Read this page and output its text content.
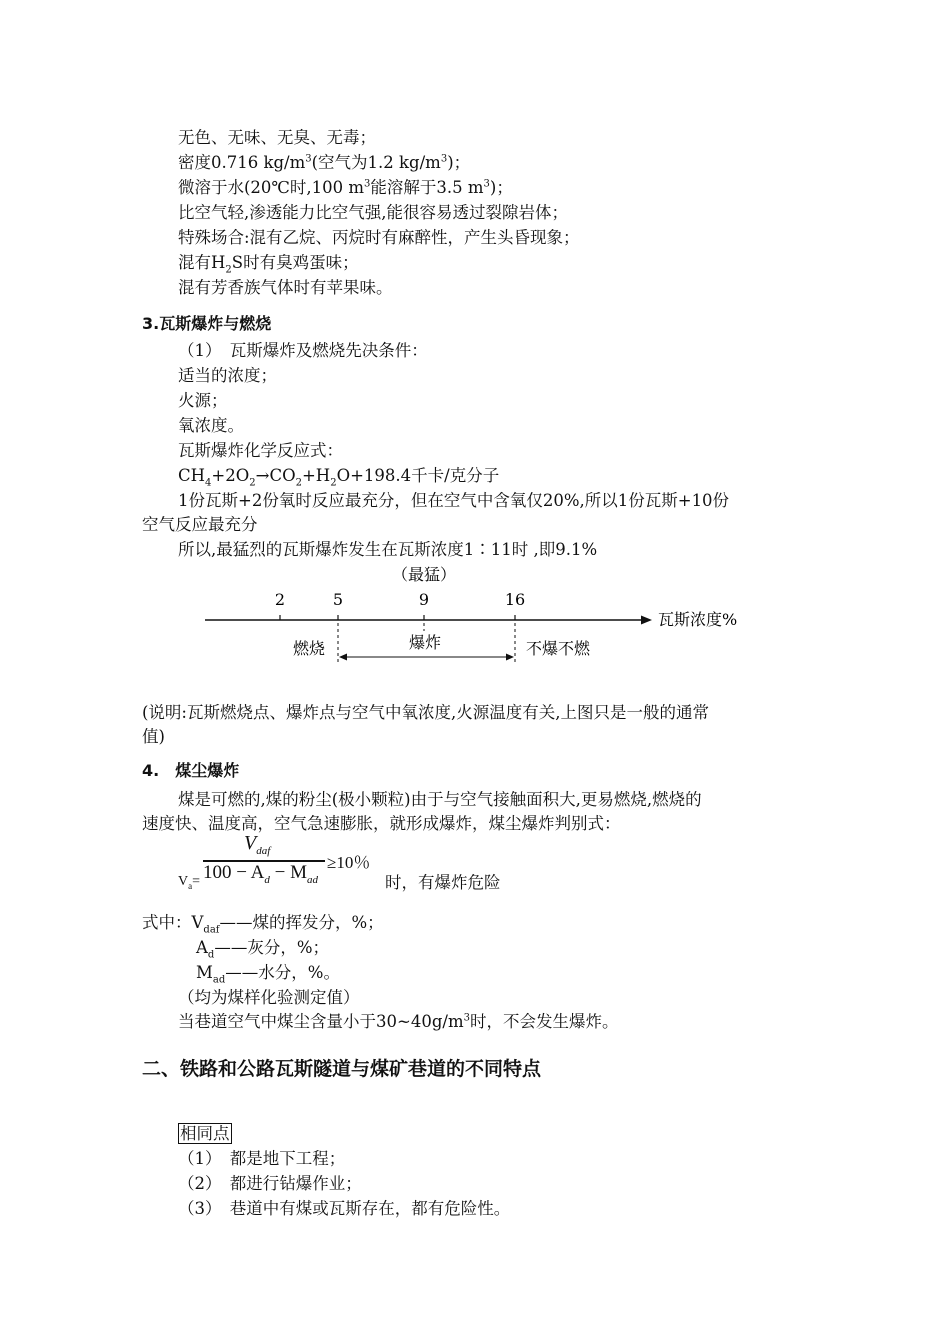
无色、无味、无臭、无毒；
密度0.716 $kg/m^3$(空气为1.2 $kg/m^3$)；
微溶于水(20℃时,100 $m^3$能溶解于3.5 $m^3$)；
比空气轻,渗透能力比空气强,能很容易透过裂隙岩体；
特殊场合:混有乙烷、丙烷时有麻醉性，产生头昏现象；
混有$H_2S$时有臭鸡蛋味；
混有芳香族气体时有苹果味。
3.瓦斯爆炸与燃烧
（1）　瓦斯爆炸及燃烧先决条件：
适当的浓度；
火源；
氧浓度。
瓦斯爆炸化学反应式：
$CH_4+2O_2\to CO_2+H_2O+198.4$千卡/克分子
1份瓦斯+2份氧时反应最充分，但在空气中含氧仅20%,所以1份瓦斯+10份
空气反应最充分
所以,最猛烈的瓦斯爆炸发生在瓦斯浓度1∶11时 ,即9.1%
（最猛）
2	5	9	16
瓦斯浓度%
燃烧	爆炸	不爆不燃
(说明:瓦斯燃烧点、爆炸点与空气中氧浓度,火源温度有关,上图只是一般的通常
值)
4.　煤尘爆炸
煤是可燃的,煤的粉尘(极小颗粒)由于与空气接触面积大,更易燃烧,燃烧的
速度快、温度高，空气急速膨胀，就形成爆炸，煤尘爆炸判别式：
$V_{daf}$
$100 - A_d - M_{ad}$
≥10％
$V_a=$	时，有爆炸危险
式中：$V_{daf}——$煤的挥发分，%；
$A_d——$灰分，%；
$M_{ad}——$水分，%。
（均为煤样化验测定值）
当巷道空气中煤尘含量小于$30\sim 40g/m^3$时，不会发生爆炸。
二、铁路和公路瓦斯隧道与煤矿巷道的不同特点
相同点
（1）　都是地下工程；
（2）　都进行钻爆作业；
（3）　巷道中有煤或瓦斯存在，都有危险性。
